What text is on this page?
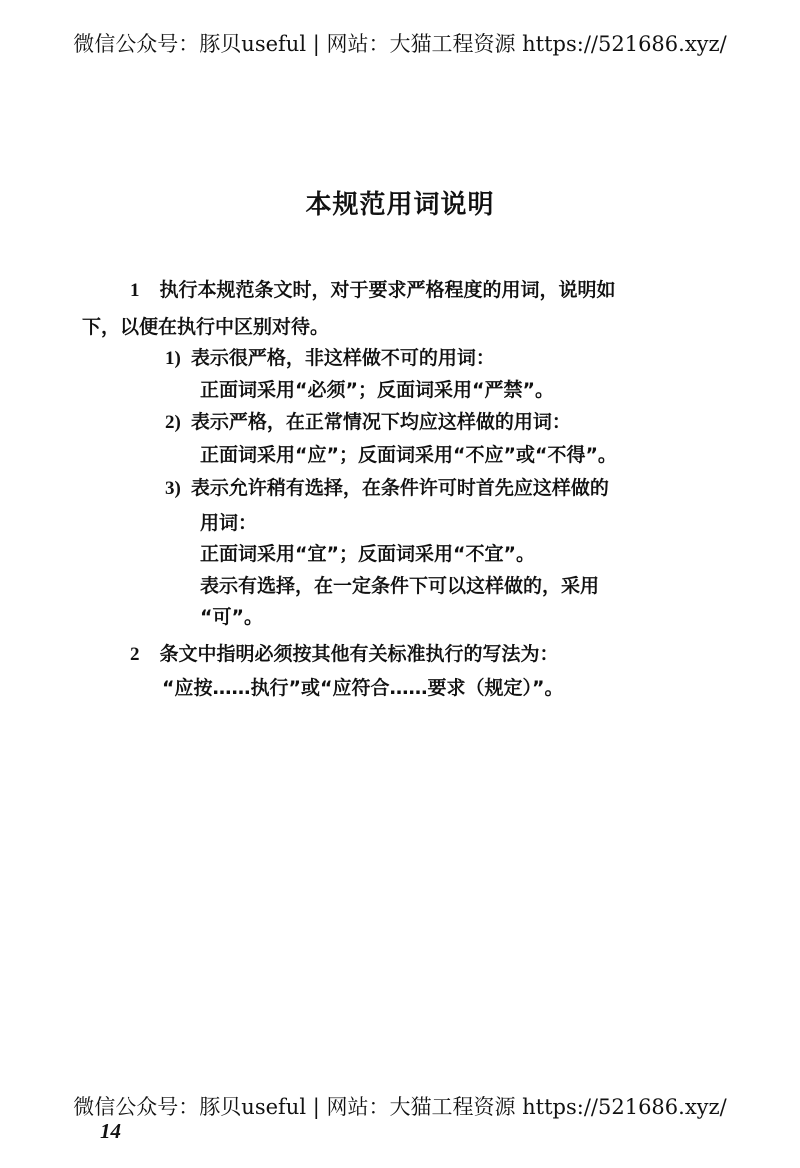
微信公众号：豚贝useful | 网站：大猫工程资源 https://521686.xyz/
本规范用词说明
1 执行本规范条文时，对于要求严格程度的用词，说明如
下，以便在执行中区别对待。
1) 表示很严格，非这样做不可的用词：
正面词采用“必须”；反面词采用“严禁”。
2) 表示严格，在正常情况下均应这样做的用词：
正面词采用“应”；反面词采用“不应”或“不得”。
3) 表示允许稍有选择，在条件许可时首先应这样做的
用词：
正面词采用“宜”；反面词采用“不宜”。
表示有选择，在一定条件下可以这样做的，采用
“可”。
2 条文中指明必须按其他有关标准执行的写法为：
“应按……执行”或“应符合……要求（规定）”。
微信公众号：豚贝useful | 网站：大猫工程资源 https://521686.xyz/
14
